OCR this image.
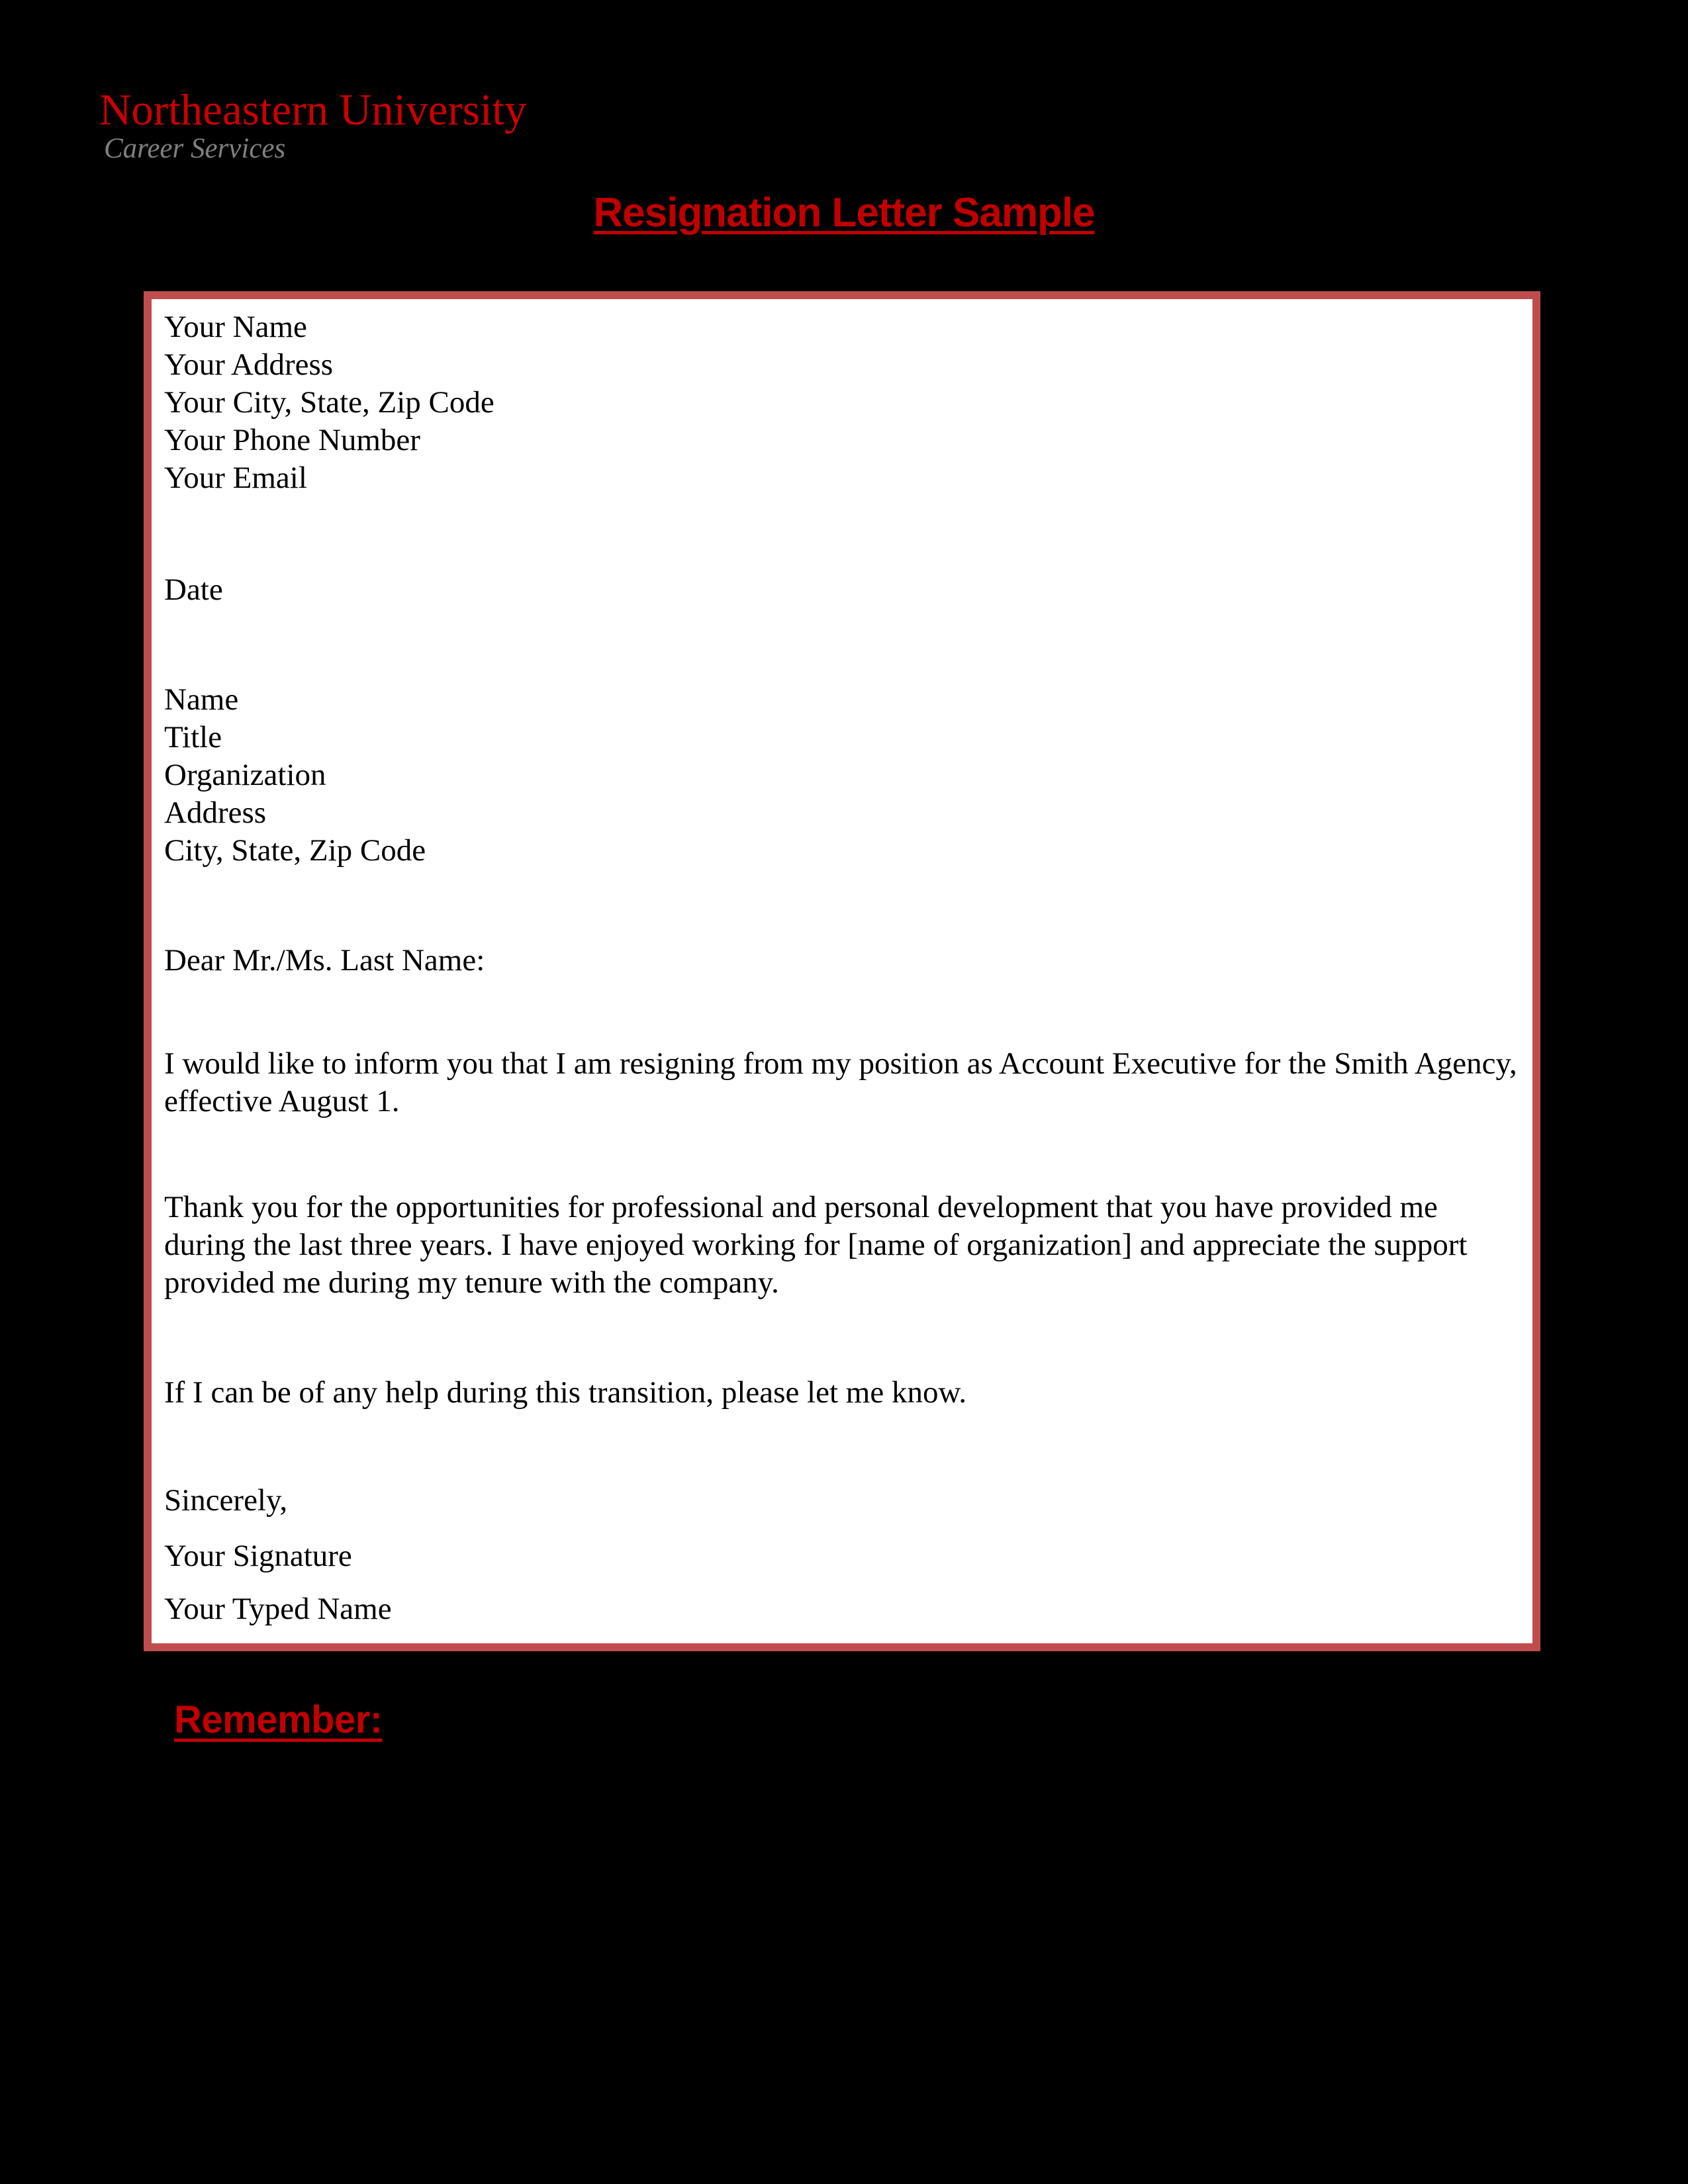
Northeastern University
Career Services
Resignation Letter Sample
Your Name
Your Address
Your City, State, Zip Code
Your Phone Number
Your Email
Date
Name
Title
Organization
Address
City, State, Zip Code
Dear Mr./Ms. Last Name:
I would like to inform you that I am resigning from my position as Account Executive for the Smith Agency, effective August 1.
Thank you for the opportunities for professional and personal development that you have provided me during the last three years. I have enjoyed working for [name of organization] and appreciate the support provided me during my tenure with the company.
If I can be of any help during this transition, please let me know.
Sincerely,
Your Signature
Your Typed Name
Remember:
